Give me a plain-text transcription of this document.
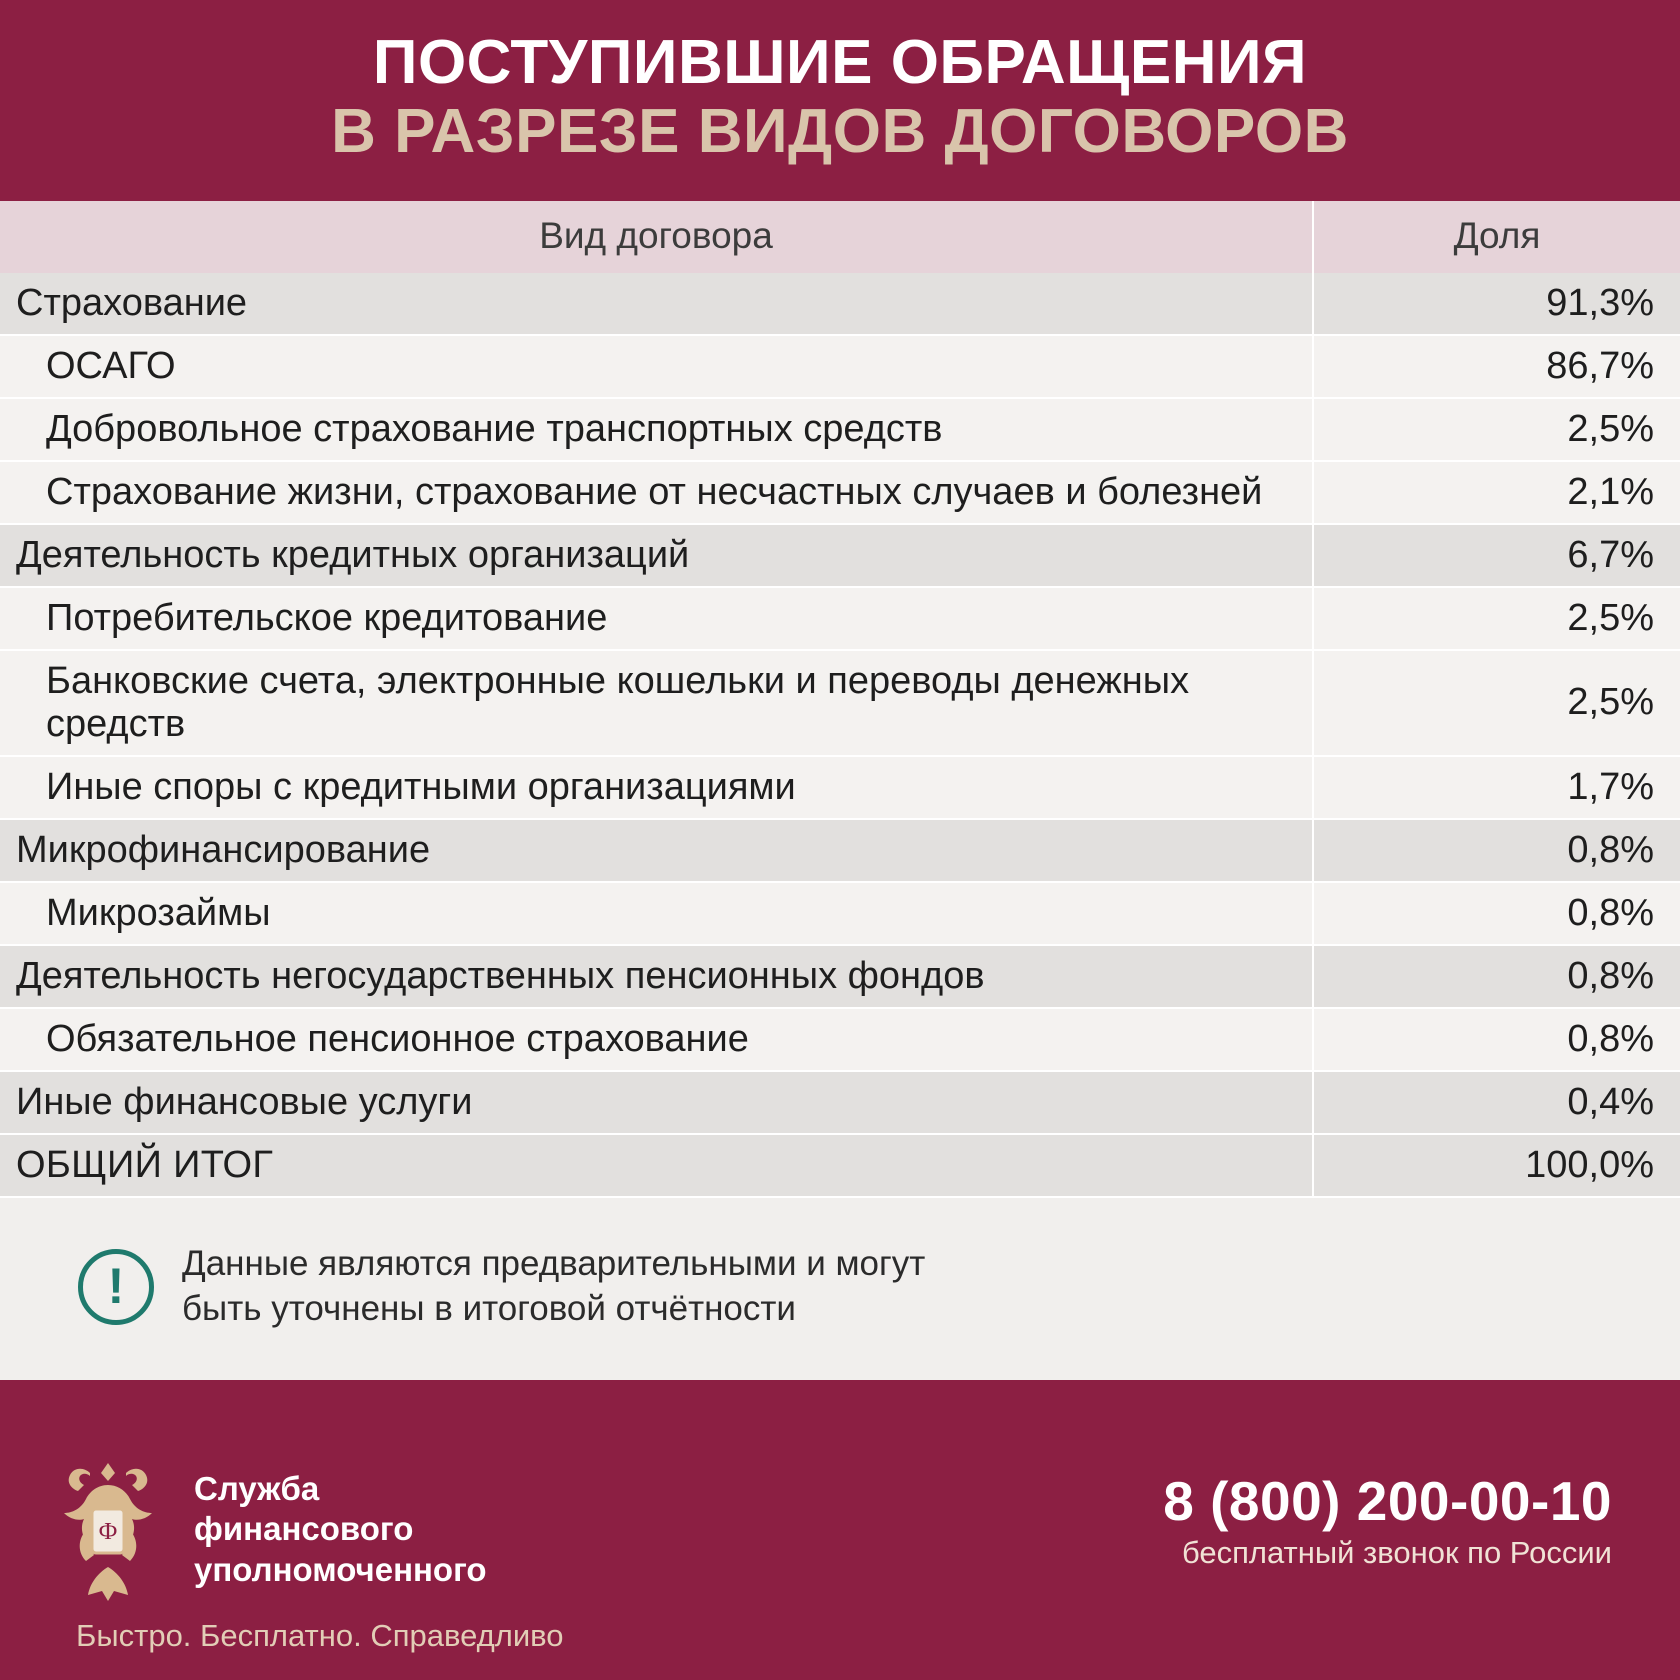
ПОСТУПИВШИЕ ОБРАЩЕНИЯ
В РАЗРЕЗЕ ВИДОВ ДОГОВОРОВ
Вид договора	Доля
Страхование	91,3%
ОСАГО	86,7%
Добровольное страхование транспортных средств	2,5%
Страхование жизни, страхование от несчастных случаев и болезней	2,1%
Деятельность кредитных организаций	6,7%
Потребительское кредитование	2,5%
Банковские счета, электронные кошельки и переводы денежных средств	2,5%
Иные споры с кредитными организациями	1,7%
Микрофинансирование	0,8%
Микрозаймы	0,8%
Деятельность негосударственных пенсионных фондов	0,8%
Обязательное пенсионное страхование	0,8%
Иные финансовые услуги	0,4%
ОБЩИЙ ИТОГ	100,0%
!
Данные являются предварительными и могут
быть уточнены в итоговой отчётности
Ф
Служба
финансового
уполномоченного
Быстро. Бесплатно. Справедливо
8 (800) 200-00-10
бесплатный звонок по России
